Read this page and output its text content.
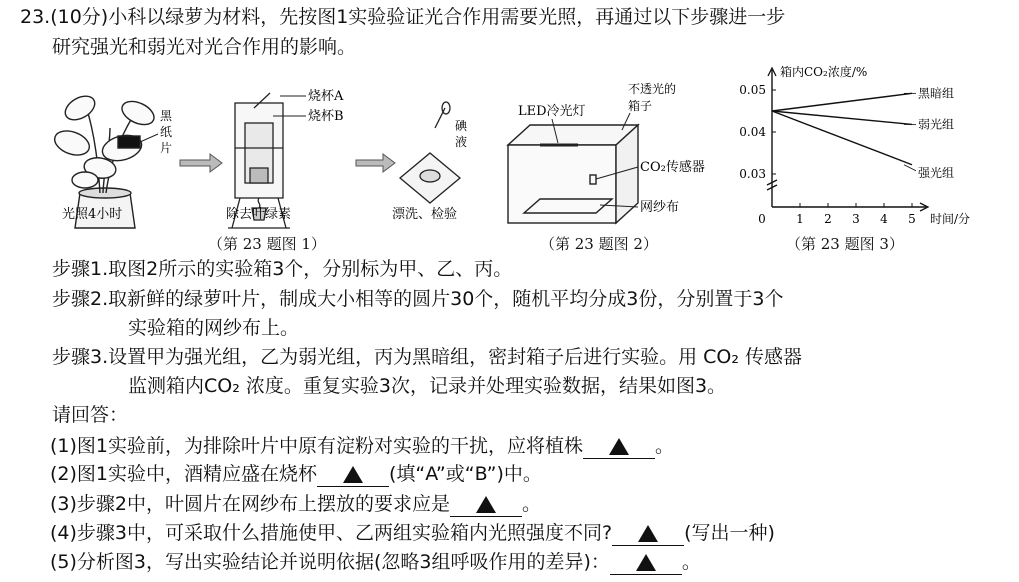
23.(10分)小科以绿萝为材料，先按图1实验验证光合作用需要光照，再通过以下步骤进一步
研究强光和弱光对光合作用的影响。
黑
纸
片
烧杯A
烧杯B
碘
液
光照4小时	除去叶绿素	漂洗、检验
（第 23 题图 1）
LED冷光灯
不透光的
箱子
CO₂传感器
网纱布
（第 23 题图 2）
箱内CO₂浓度/%
0.05
0.04
0.03
0	1 2 3 4 5 时间/分
黑暗组
弱光组
强光组
（第 23 题图 3）
步骤1.取图2所示的实验箱3个，分别标为甲、乙、丙。
步骤2.取新鲜的绿萝叶片，制成大小相等的圆片30个，随机平均分成3份，分别置于3个
实验箱的网纱布上。
步骤3.设置甲为强光组，乙为弱光组，丙为黑暗组，密封箱子后进行实验。用 CO₂ 传感器
监测箱内CO₂ 浓度。重复实验3次，记录并处理实验数据，结果如图3。
请回答：
(1)图1实验前，为排除叶片中原有淀粉对实验的干扰，应将植株	。
(2)图1实验中，酒精应盛在烧杯	(填“A”或“B”)中。
(3)步骤2中，叶圆片在网纱布上摆放的要求应是	。
(4)步骤3中，可采取什么措施使甲、乙两组实验箱内光照强度不同?	(写出一种)
(5)分析图3，写出实验结论并说明依据(忽略3组呼吸作用的差异)：	。
